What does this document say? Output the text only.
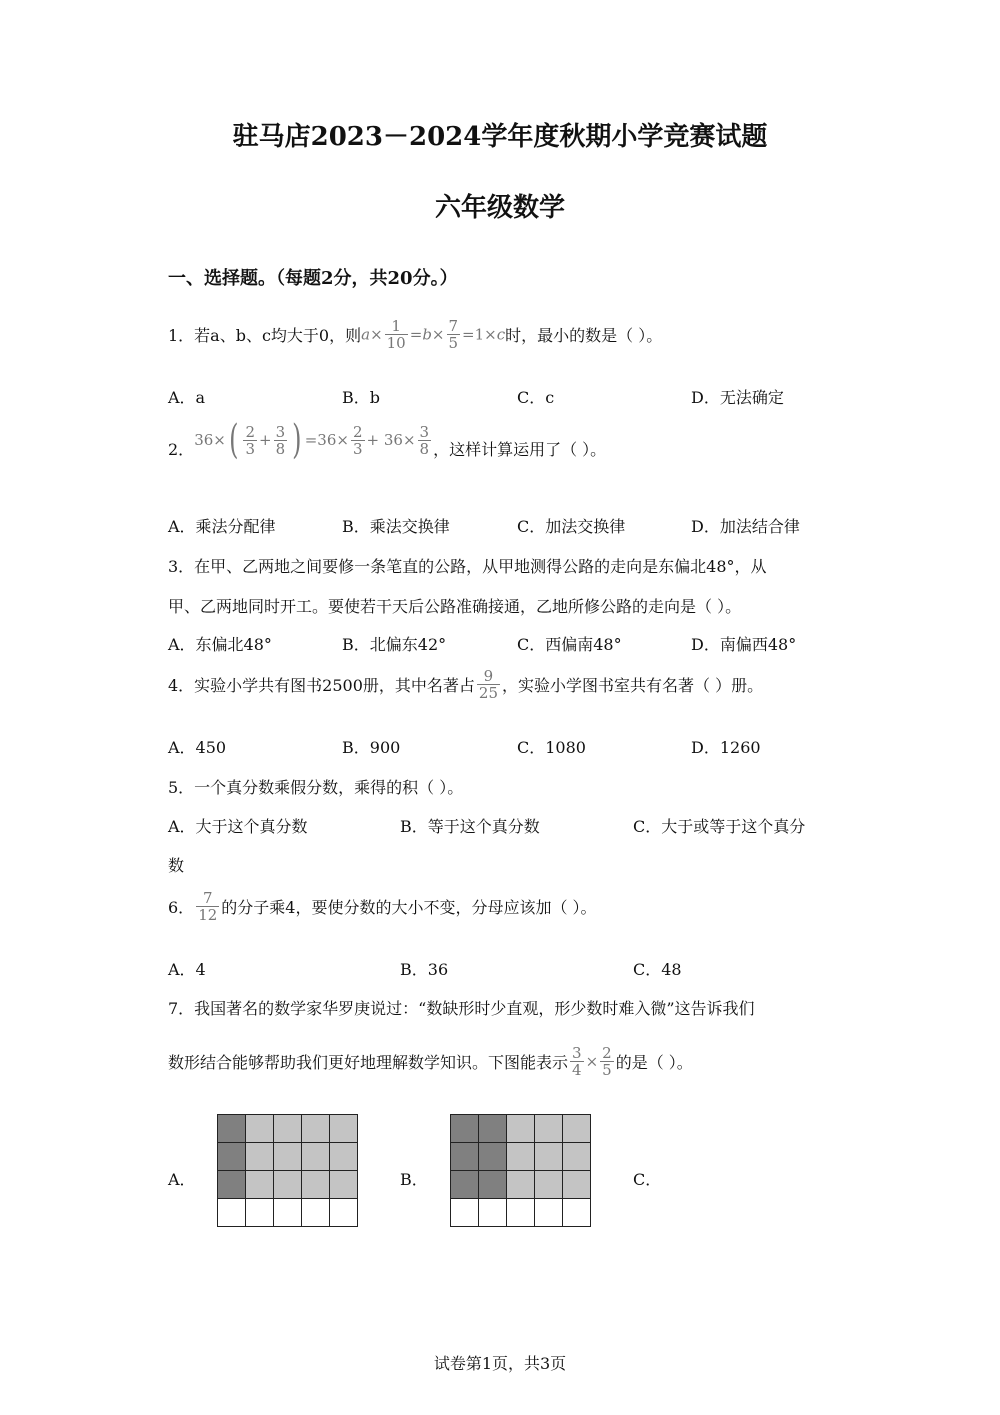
驻马店2023－2024学年度秋期小学竞赛试题
六年级数学
一、选择题。（每题2分，共20分。）
1．若a、b、c均大于0，则$a\times \frac{1}{10} =b\times \frac{7}{5} =1\times c$时，最小的数是（ ）。
A．a	B．b	C．c	D．无法确定
2．$36\times( \frac{2}{3} + \frac{3}{8}$ ) $=36\times \frac{2}{3} + 36\times \frac{3}{8}$ ，这样计算运用了（ ）。
A．乘法分配律	B．乘法交换律	C．加法交换律	D．加法结合律
3．在甲、乙两地之间要修一条笔直的公路，从甲地测得公路的走向是东偏北48°，从
甲、乙两地同时开工。要使若干天后公路准确接通，乙地所修公路的走向是（ ）。
A．东偏北48°	B．北偏东42°	C．西偏南48°	D．南偏西48°
4．实验小学共有图书2500册，其中名著占 $\frac{9}{25}$ ，实验小学图书室共有名著（ ）册。
A．450	B．900	C．1080	D．1260
5．一个真分数乘假分数，乘得的积（ ）。
A．大于这个真分数	B．等于这个真分数	C．大于或等于这个真分
数
6． $\frac{7}{12}$ 的分子乘4，要使分数的大小不变，分母应该加（ ）。
A．4	B．36	C．48
7．我国著名的数学家华罗庚说过：“数缺形时少直观，形少数时难入微”这告诉我们
数形结合能够帮助我们更好地理解数学知识。下图能表示 $\frac{3}{4} \times \frac{2}{5}$ 的是（ ）。
A．

					B．

					C．
试卷第1页，共3页
